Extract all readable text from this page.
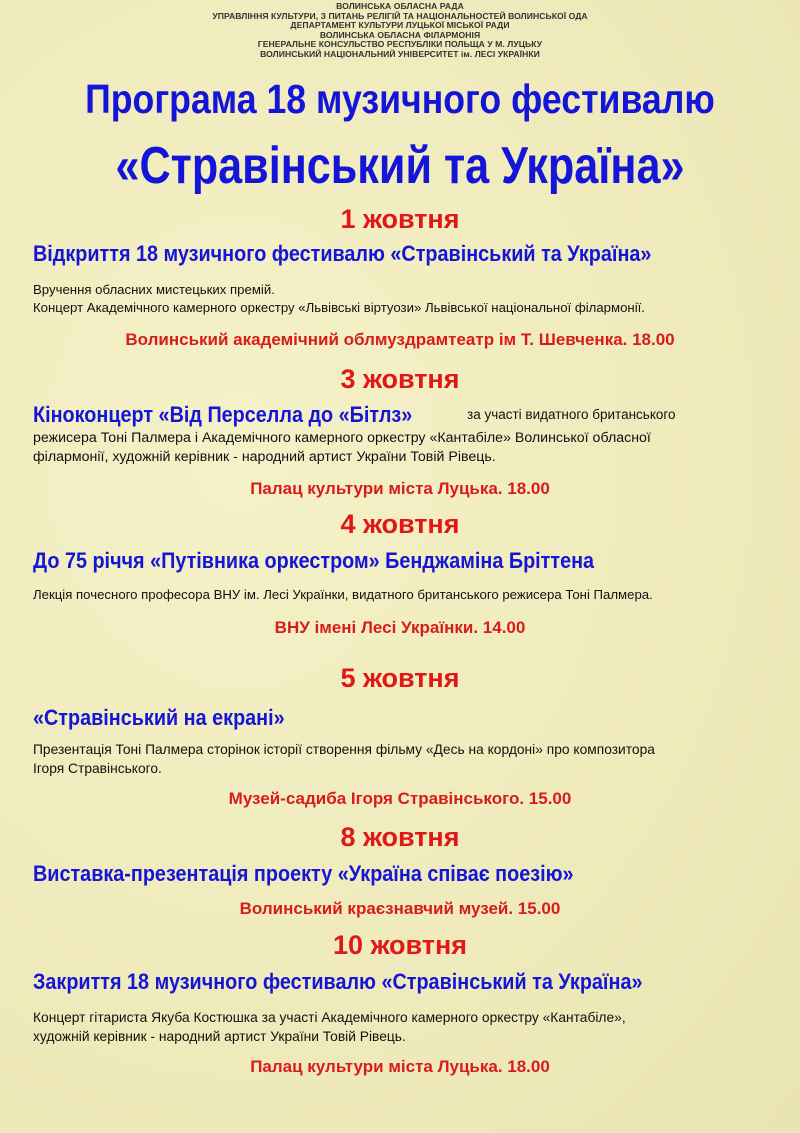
ВОЛИНСЬКА ОБЛАСНА РАДА
УПРАВЛІННЯ КУЛЬТУРИ, З ПИТАНЬ РЕЛІГІЙ ТА НАЦІОНАЛЬНОСТЕЙ ВОЛИНСЬКОЇ ОДА
ДЕПАРТАМЕНТ КУЛЬТУРИ ЛУЦЬКОЇ МІСЬКОЇ РАДИ
ВОЛИНСЬКА ОБЛАСНА ФІЛАРМОНІЯ
ГЕНЕРАЛЬНЕ КОНСУЛЬСТВО РЕСПУБЛІКИ ПОЛЬЩА У М. ЛУЦЬКУ
ВОЛИНСЬКИЙ НАЦІОНАЛЬНИЙ УНІВЕРСИТЕТ ім. ЛЕСІ УКРАЇНКИ
Програма 18 музичного фестивалю
«Стравінський та Україна»
1 жовтня
Відкриття 18 музичного фестивалю «Стравінський та Україна»
Вручення обласних мистецьких премій.
Концерт Академічного камерного оркестру «Львівські віртуози» Львівської національної філармонії.
Волинський академічний облмуздрамтеатр ім Т. Шевченка. 18.00
3 жовтня
Кіноконцерт «Від Перселла до «Бітлз»	за участі видатного британського
режисера Тоні Палмера і Академічного камерного оркестру «Кантабіле» Волинської обласної
філармонії, художній керівник - народний артист України Товій Рівець.
Палац культури міста Луцька. 18.00
4 жовтня
До 75 річчя «Путівника оркестром» Бенджаміна Бріттена
Лекція почесного професора ВНУ ім. Лесі Українки, видатного британського режисера Тоні Палмера.
ВНУ імені Лесі Українки. 14.00
5 жовтня
«Стравінський на екрані»
Презентація Тоні Палмера сторінок історії створення фільму «Десь на кордоні» про композитора
Ігоря Стравінського.
Музей-садиба Ігоря Стравінського. 15.00
8 жовтня
Виставка-презентація проекту «Україна співає поезію»
Волинський краєзнавчий музей. 15.00
10 жовтня
Закриття 18 музичного фестивалю «Стравінський та Україна»
Концерт гітариста Якуба Костюшка за участі Академічного камерного оркестру «Кантабіле»,
художній керівник - народний артист України Товій Рівець.
Палац культури міста Луцька. 18.00
